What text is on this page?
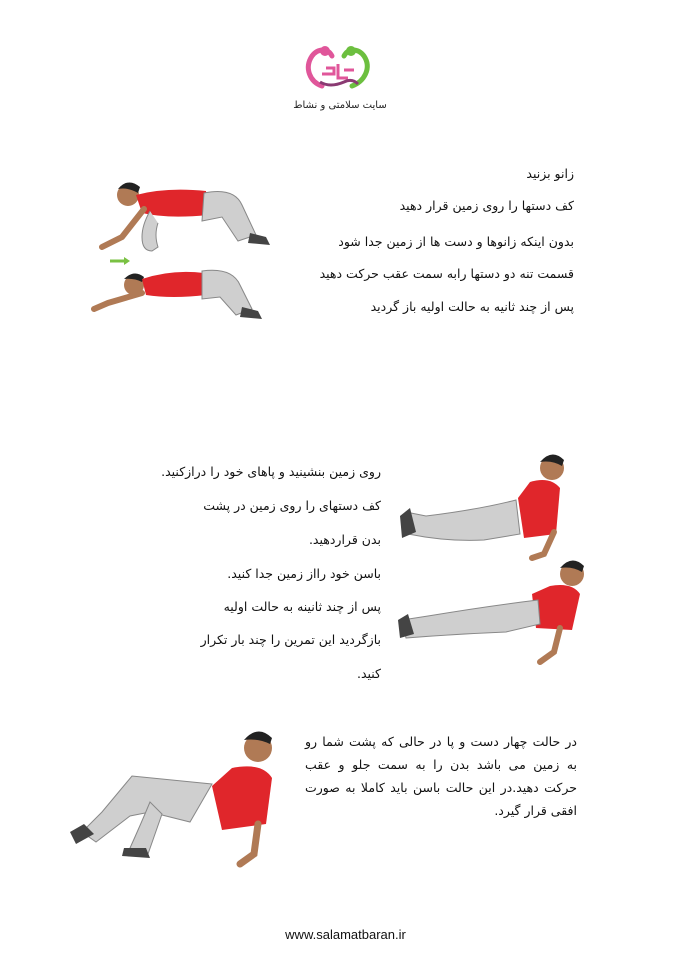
سایت سلامتی و نشاط
زانو بزنید
کف دستها را روی زمین قرار دهید
بدون اینکه زانوها و دست ها از زمین جدا شود
قسمت تنه دو دستها رابه سمت عقب حرکت دهید
پس از چند ثانیه به حالت اولیه باز گردید
روی زمین بنشینید و پاهای خود را درازکنید.
کف دستهای را روی زمین در پشت
بدن قراردهید.
باسن خود رااز زمین جدا کنید.
پس از چند ثانینه به حالت اولیه
بازگردید این تمرین را چند بار تکرار
کنید.
در حالت چهار دست و پا در حالی که پشت شما رو به زمین می باشد بدن را به سمت جلو و عقب حرکت دهید.در این حالت باسن باید کاملا به صورت افقی قرار گیرد.
www.salamatbaran.ir
